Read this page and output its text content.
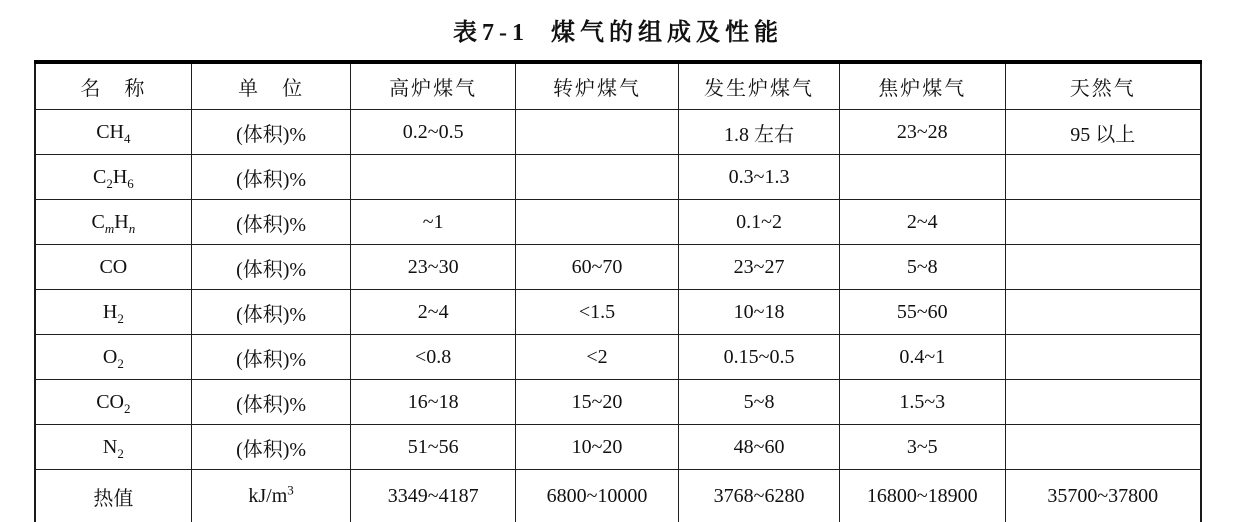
表7-1  煤气的组成及性能
名　称	单　位	高炉煤气	转炉煤气	发生炉煤气	焦炉煤气	天然气
$CH_4$	(体积)%	0.2~0.5		1.8 左右	23~28	95 以上
$C_2H_6$	(体积)%			0.3~1.3		
$C_mH_n$	(体积)%	~1		0.1~2	2~4	
CO	(体积)%	23~30	60~70	23~27	5~8	
$H_2$	(体积)%	2~4	<1.5	10~18	55~60	
$O_2$	(体积)%	<0.8	<2	0.15~0.5	0.4~1	
$CO_2$	(体积)%	16~18	15~20	5~8	1.5~3	
$N_2$	(体积)%	51~56	10~20	48~60	3~5	
热值	$kJ/m^3$	3349~4187	6800~10000	3768~6280	16800~18900	35700~37800
